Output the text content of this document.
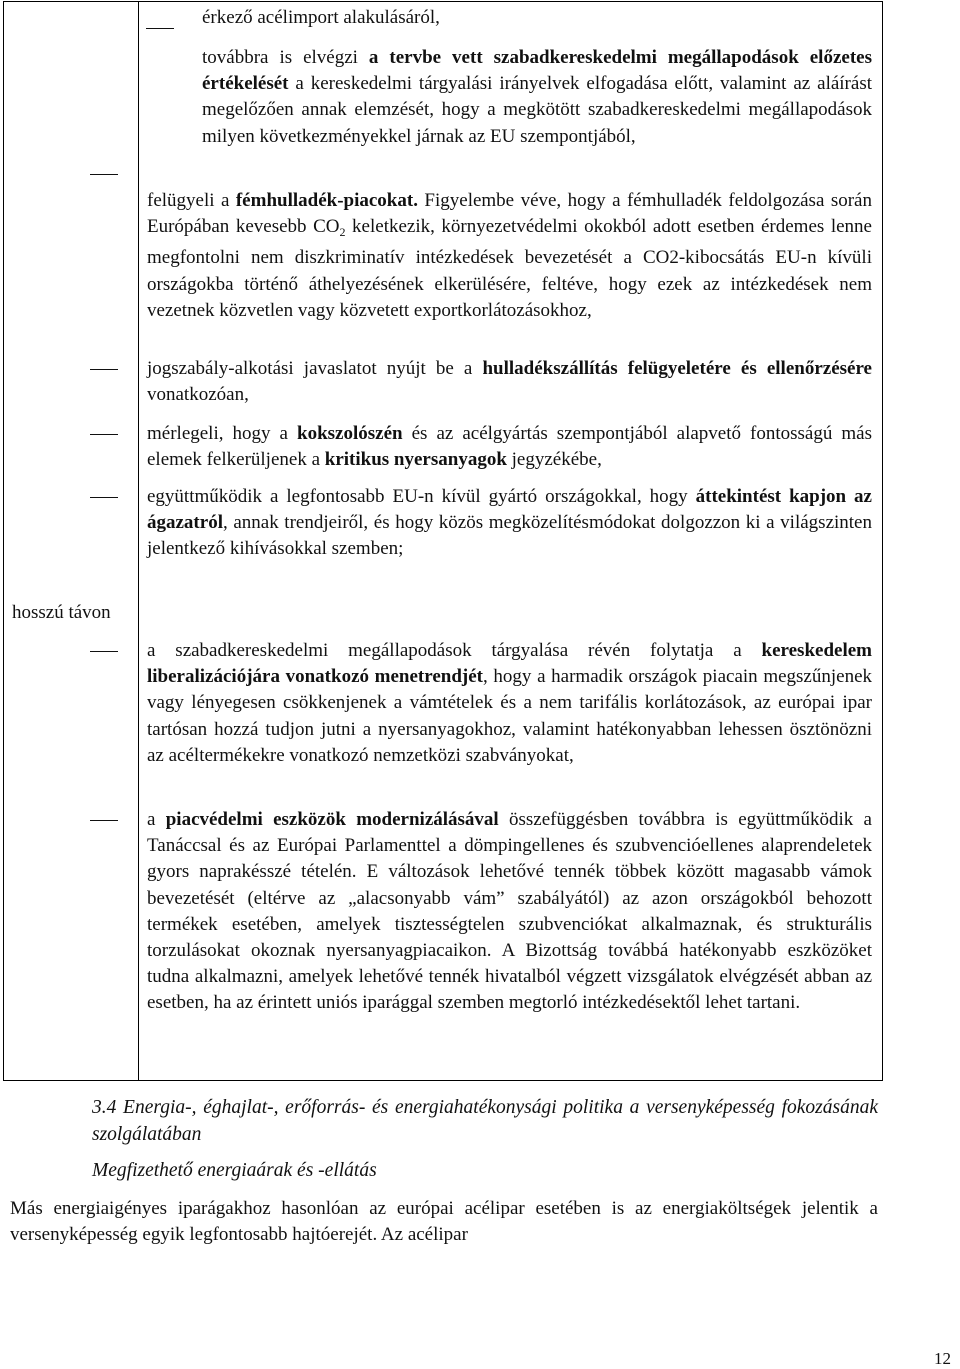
hosszú távon

érkező acélimport alakulásáról,

továbbra is elvégzi a tervbe vett szabadkereskedelmi megállapodások előzetes értékelését a kereskedelmi tárgyalási irányelvek elfogadása előtt, valamint az aláírást megelőzően annak elemzését, hogy a megkötött szabadkereskedelmi megállapodások milyen következményekkel járnak az EU szempontjából,

felügyeli a fémhulladék-piacokat. Figyelembe véve, hogy a fémhulladék feldolgozása során Európában kevesebb $CO_2$ keletkezik, környezetvédelmi okokból adott esetben érdemes lenne megfontolni nem diszkriminatív intézkedések bevezetését a CO2-kibocsátás EU-n kívüli országokba történő áthelyezésének elkerülésére, feltéve, hogy ezek az intézkedések nem vezetnek közvetlen vagy közvetett exportkorlátozásokhoz,

jogszabály-alkotási javaslatot nyújt be a hulladékszállítás felügyeletére és ellenőrzésére vonatkozóan,

mérlegeli, hogy a kokszolószén és az acélgyártás szempontjából alapvető fontosságú más elemek felkerüljenek a kritikus nyersanyagok jegyzékébe,

együttműködik a legfontosabb EU-n kívül gyártó országokkal, hogy áttekintést kapjon az ágazatról, annak trendjeiről, és hogy közös megközelítésmódokat dolgozzon ki a világszinten jelentkező kihívásokkal szemben;

a szabadkereskedelmi megállapodások tárgyalása révén folytatja a kereskedelem liberalizációjára vonatkozó menetrendjét, hogy a harmadik országok piacain megszűnjenek vagy lényegesen csökkenjenek a vámtételek és a nem tarifális korlátozások, az európai ipar tartósan hozzá tudjon jutni a nyersanyagokhoz, valamint hatékonyabban lehessen ösztönözni az acéltermékekre vonatkozó nemzetközi szabványokat,

a piacvédelmi eszközök modernizálásával összefüggésben továbbra is együttműködik a Tanáccsal és az Európai Parlamenttel a dömpingellenes és szubvencióellenes alaprendeletek gyors naprakésszé tételén. E változások lehetővé tennék többek között magasabb vámok bevezetését (eltérve az „alacsonyabb vám” szabályától) az azon országokból behozott termékek esetében, amelyek tisztességtelen szubvenciókat alkalmaznak, és strukturális torzulásokat okoznak nyersanyagpiacaikon. A Bizottság továbbá hatékonyabb eszközöket tudna alkalmazni, amelyek lehetővé tennék hivatalból végzett vizsgálatok elvégzését abban az esetben, ha az érintett uniós iparággal szemben megtorló intézkedésektől lehet tartani.

3.4 Energia-, éghajlat-, erőforrás- és energiahatékonysági politika a versenyképesség fokozásának szolgálatában
Megfizethető energiaárak és -ellátás

Más energiaigényes iparágakhoz hasonlóan az európai acélipar esetében is az energiaköltségek jelentik a versenyképesség egyik legfontosabb hajtóerejét. Az acélipar

12
